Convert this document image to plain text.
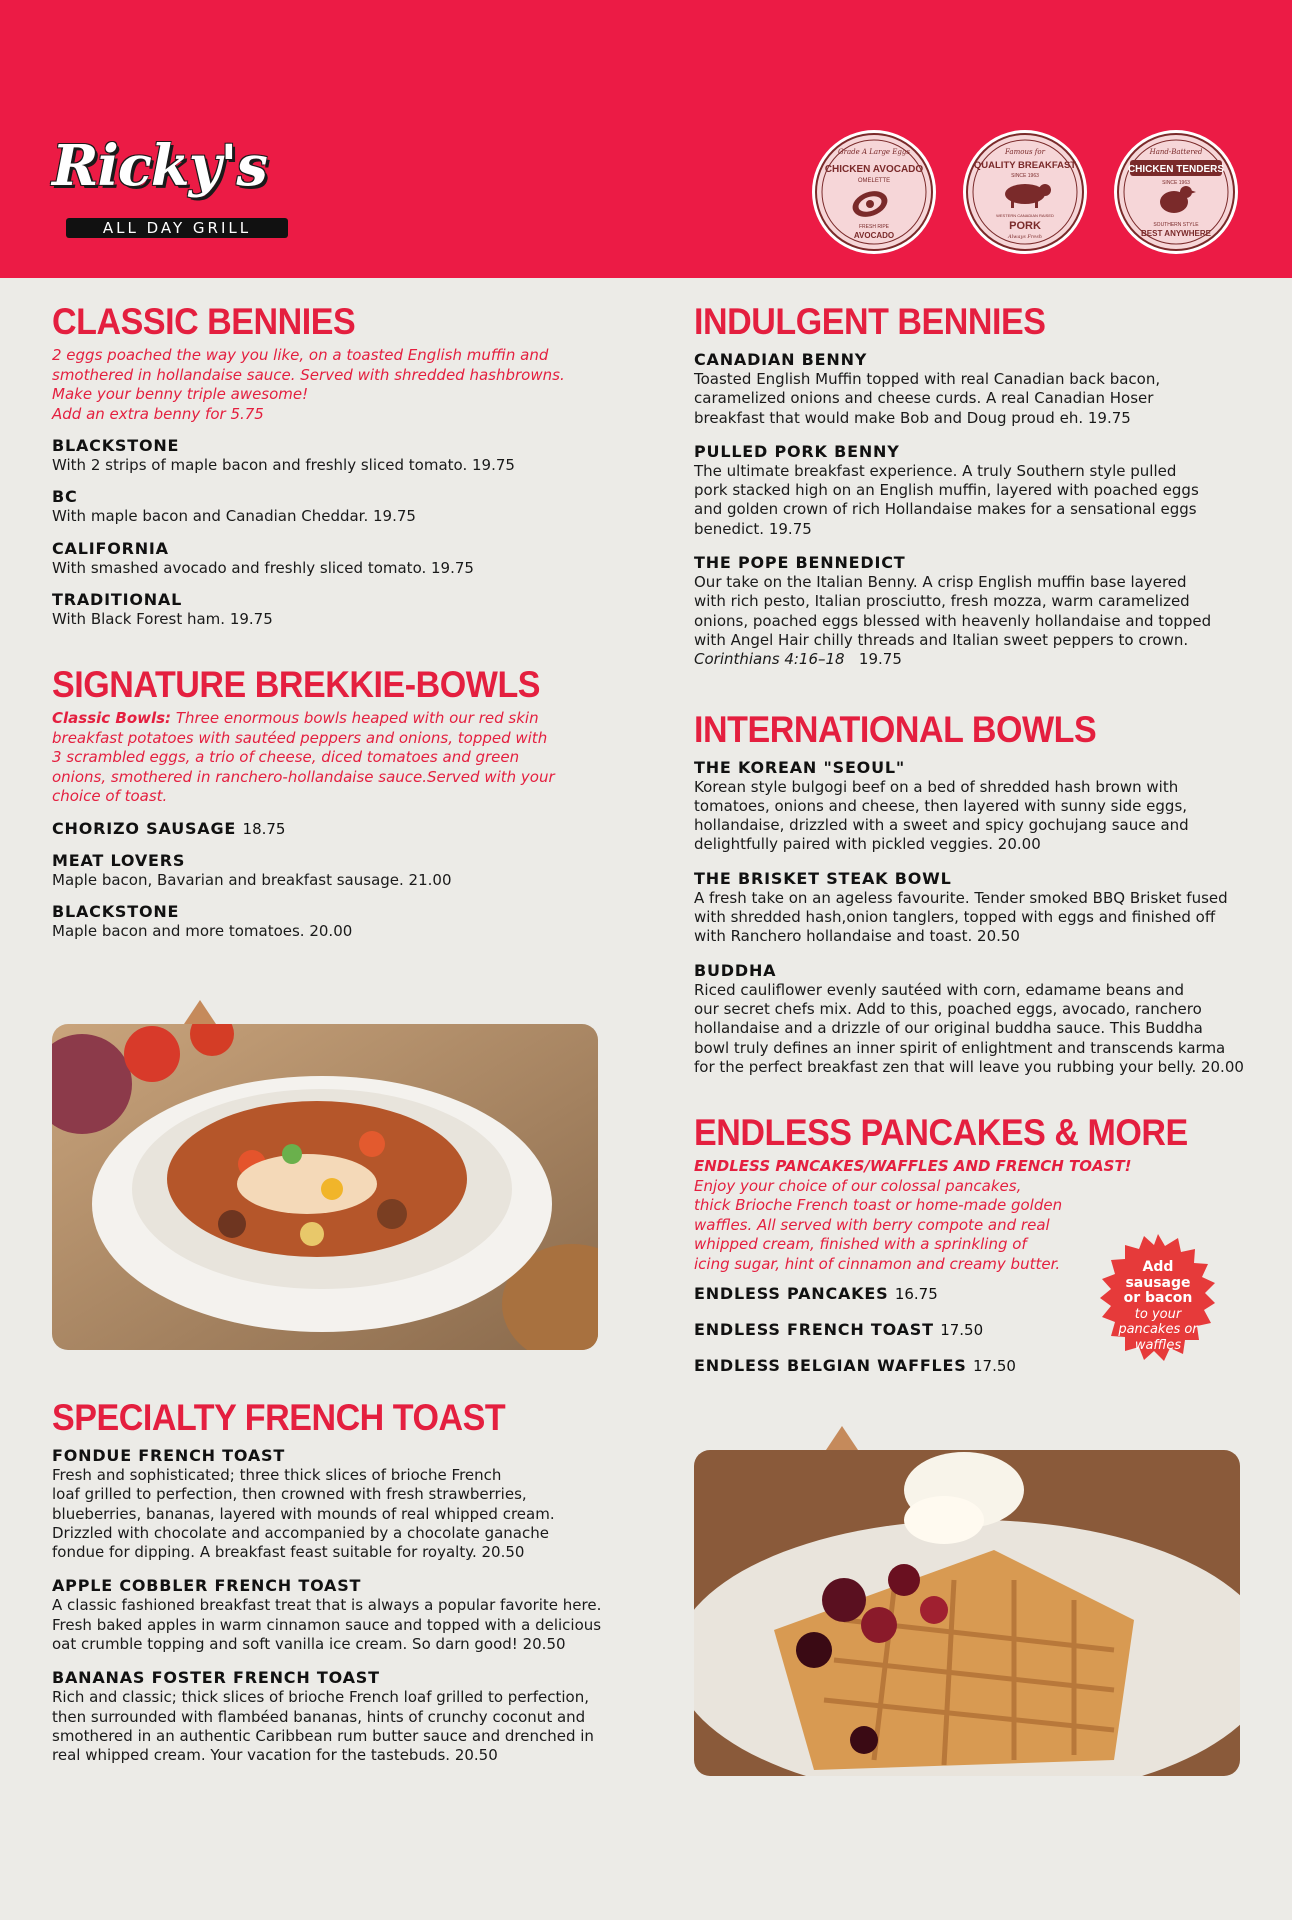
Ricky's
ALL DAY GRILL
Grade A Large Eggs
CHICKEN AVOCADO
OMELETTE
FRESH RIPE
AVOCADO
Famous for
QUALITY BREAKFAST
SINCE 1963
WESTERN CANADIAN RAISED
PORK
Always Fresh
Hand-Battered
CHICKEN TENDERS
SINCE 1963
SOUTHERN STYLE
BEST ANYWHERE
CLASSIC BENNIES
2 eggs poached the way you like, on a toasted English muffin and
smothered in hollandaise sauce. Served with shredded hashbrowns.
Make your benny triple awesome!
Add an extra benny for 5.75
BLACKSTONE
With 2 strips of maple bacon and freshly sliced tomato. 19.75
BC
With maple bacon and Canadian Cheddar. 19.75
CALIFORNIA
With smashed avocado and freshly sliced tomato. 19.75
TRADITIONAL
With Black Forest ham. 19.75
SIGNATURE BREKKIE-BOWLS
Classic Bowls: Three enormous bowls heaped with our red skin
breakfast potatoes with sautéed peppers and onions, topped with
3 scrambled eggs, a trio of cheese, diced tomatoes and green
onions, smothered in ranchero-hollandaise sauce.Served with your
choice of toast.
CHORIZO SAUSAGE 18.75
MEAT LOVERS
Maple bacon, Bavarian and breakfast sausage. 21.00
BLACKSTONE
Maple bacon and more tomatoes. 20.00
SPECIALTY FRENCH TOAST
FONDUE FRENCH TOAST
Fresh and sophisticated; three thick slices of brioche French
loaf grilled to perfection, then crowned with fresh strawberries,
blueberries, bananas, layered with mounds of real whipped cream.
Drizzled with chocolate and accompanied by a chocolate ganache
fondue for dipping. A breakfast feast suitable for royalty. 20.50
APPLE COBBLER FRENCH TOAST
A classic fashioned breakfast treat that is always a popular favorite here.
Fresh baked apples in warm cinnamon sauce and topped with a delicious
oat crumble topping and soft vanilla ice cream. So darn good! 20.50
BANANAS FOSTER FRENCH TOAST
Rich and classic; thick slices of brioche French loaf grilled to perfection,
then surrounded with flambéed bananas, hints of crunchy coconut and
smothered in an authentic Caribbean rum butter sauce and drenched in
real whipped cream. Your vacation for the tastebuds. 20.50
INDULGENT BENNIES
CANADIAN BENNY
Toasted English Muffin topped with real Canadian back bacon,
caramelized onions and cheese curds. A real Canadian Hoser
breakfast that would make Bob and Doug proud eh. 19.75
PULLED PORK BENNY
The ultimate breakfast experience. A truly Southern style pulled
pork stacked high on an English muffin, layered with poached eggs
and golden crown of rich Hollandaise makes for a sensational eggs
benedict. 19.75
THE POPE BENNEDICT
Our take on the Italian Benny. A crisp English muffin base layered
with rich pesto, Italian prosciutto, fresh mozza, warm caramelized
onions, poached eggs blessed with heavenly hollandaise and topped
with Angel Hair chilly threads and Italian sweet peppers to crown.
Corinthians 4:16–18 19.75
INTERNATIONAL BOWLS
THE KOREAN "SEOUL"
Korean style bulgogi beef on a bed of shredded hash brown with
tomatoes, onions and cheese, then layered with sunny side eggs,
hollandaise, drizzled with a sweet and spicy gochujang sauce and
delightfully paired with pickled veggies. 20.00
THE BRISKET STEAK BOWL
A fresh take on an ageless favourite. Tender smoked BBQ Brisket fused
with shredded hash,onion tanglers, topped with eggs and finished off
with Ranchero hollandaise and toast. 20.50
BUDDHA
Riced cauliflower evenly sautéed with corn, edamame beans and
our secret chefs mix. Add to this, poached eggs, avocado, ranchero
hollandaise and a drizzle of our original buddha sauce. This Buddha
bowl truly defines an inner spirit of enlightment and transcends karma
for the perfect breakfast zen that will leave you rubbing your belly. 20.00
ENDLESS PANCAKES & MORE
ENDLESS PANCAKES/WAFFLES AND FRENCH TOAST!
Enjoy your choice of our colossal pancakes,
thick Brioche French toast or home-made golden
waffles. All served with berry compote and real
whipped cream, finished with a sprinkling of
icing sugar, hint of cinnamon and creamy butter.
ENDLESS PANCAKES 16.75
ENDLESS FRENCH TOAST 17.50
ENDLESS BELGIAN WAFFLES 17.50
Add
sausage
or bacon
to your
pancakes or
waffles
